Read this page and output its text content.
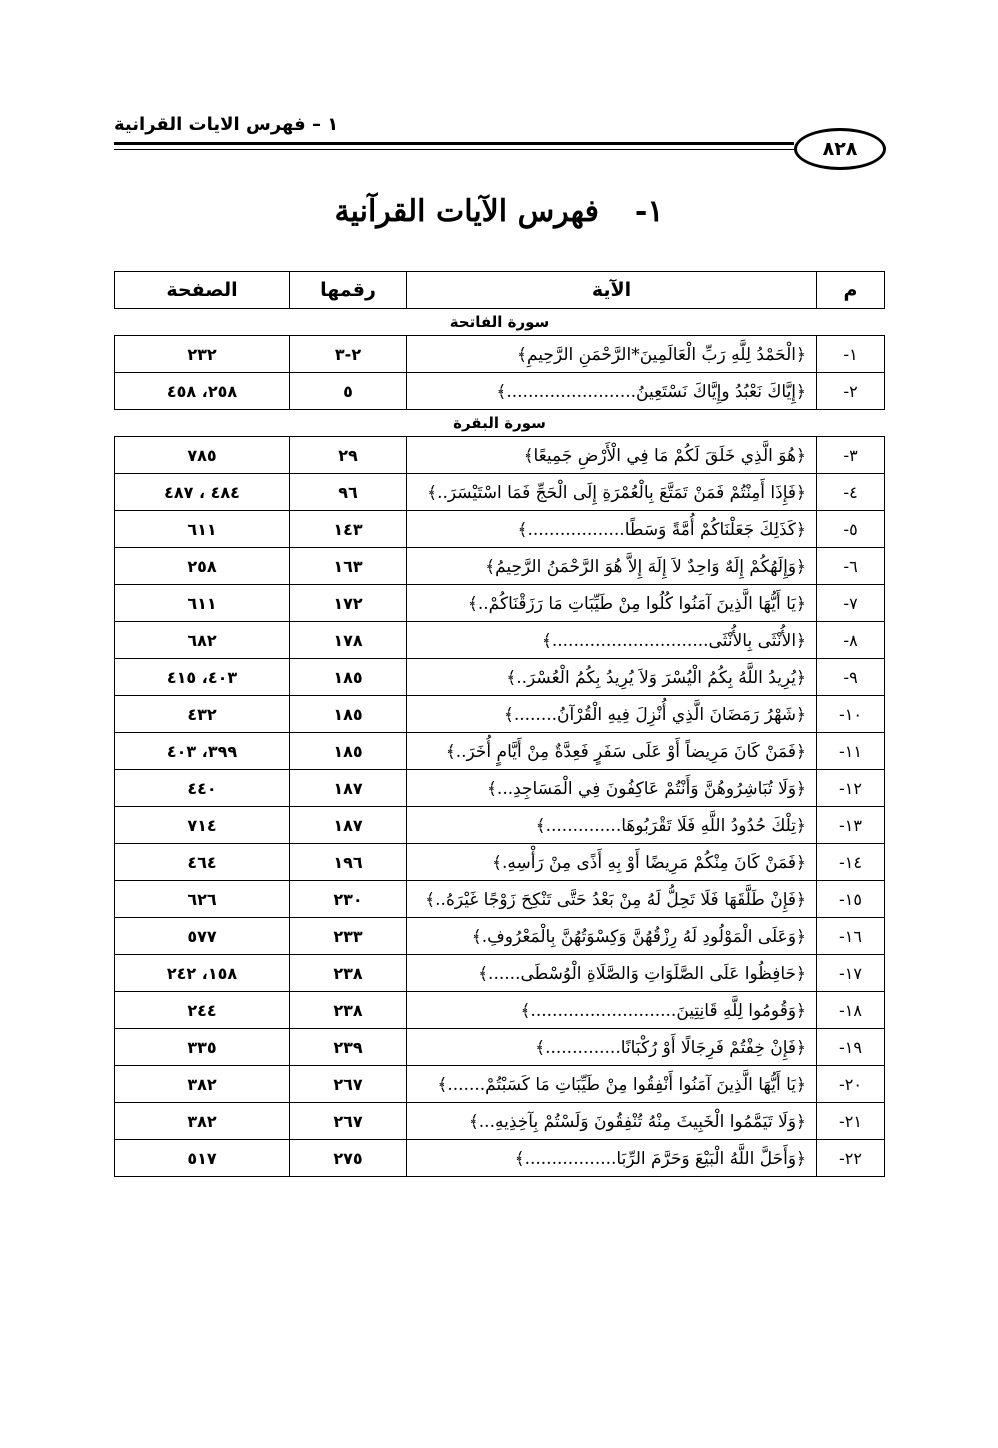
١ – فهرس الايات القرانية
٨٢٨
١-فهرس الآيات القرآنية
م	الآية	رقمها	الصفحة
سورة الفاتحة			
١-	﴿الْحَمْدُ لِلَّهِ رَبِّ الْعَالَمِينَ*الرَّحْمَنِ الرَّحِيمِ﴾	٢-٣	٢٣٢
٢-	﴿إِيَّاكَ نَعْبُدُ وإِيَّاكَ نَسْتَعِينُ........................﴾	٥	٢٥٨، ٤٥٨
سورة البقرة			
٣-	﴿هُوَ الَّذِي خَلَقَ لَكُمْ مَا فِي الْأَرْضِ جَمِيعًا﴾	٢٩	٧٨٥
٤-	﴿فَإِذَا أَمِنْتُمْ فَمَنْ تَمَتَّعَ بِالْعُمْرَةِ إِلَى الْحَجِّ فَمَا اسْتَيْسَرَ..﴾	٩٦	٤٨٤ ، ٤٨٧
٥-	﴿كَذَلِكَ جَعَلْنَاكُمْ أُمَّةً وَسَطًا..................﴾	١٤٣	٦١١
٦-	﴿وَإِلَهُكُمْ إِلَهٌ وَاحِدٌ لاَ إِلَهَ إِلاَّ هُوَ الرَّحْمَنُ الرَّحِيمُ﴾	١٦٣	٢٥٨
٧-	﴿يَا أَيُّهَا الَّذِينَ آمَنُوا كُلُوا مِنْ طَيِّبَاتِ مَا رَزَقْنَاكُمْ..﴾	١٧٢	٦١١
٨-	﴿الأُنْثَى بِالأُنْثَى.............................﴾	١٧٨	٦٨٢
٩-	﴿يُرِيدُ اللَّهُ بِكُمُ الْيُسْرَ وَلاَ يُرِيدُ بِكُمُ الْعُسْرَ..﴾	١٨٥	٤٠٣، ٤١٥
١٠-	﴿شَهْرُ رَمَضَانَ الَّذِي أُنْزِلَ فِيهِ الْقُرْآنُ........﴾	١٨٥	٤٣٢
١١-	﴿فَمَنْ كَانَ مَرِيضاً أَوْ عَلَى سَفَرٍ فَعِدَّةٌ مِنْ أَيَّامٍ أُخَرَ..﴾	١٨٥	٣٩٩، ٤٠٣
١٢-	﴿وَلَا تُبَاشِرُوهُنَّ وَأَنْتُمْ عَاكِفُونَ فِي الْمَسَاجِدِ...﴾	١٨٧	٤٤٠
١٣-	﴿تِلْكَ حُدُودُ اللَّهِ فَلَا تَقْرَبُوهَا..............﴾	١٨٧	٧١٤
١٤-	﴿فَمَنْ كَانَ مِنْكُمْ مَرِيضًا أَوْ بِهِ أَذًى مِنْ رَأْسِهِ.﴾	١٩٦	٤٦٤
١٥-	﴿فَإِنْ طَلَّقَهَا فَلَا تَحِلُّ لَهُ مِنْ بَعْدُ حَتَّى تَنْكِحَ زَوْجًا غَيْرَهُ..﴾	٢٣٠	٦٢٦
١٦-	﴿وَعَلَى الْمَوْلُودِ لَهُ رِزْقُهُنَّ وَكِسْوَتُهُنَّ بِالْمَعْرُوفِ.﴾	٢٣٣	٥٧٧
١٧-	﴿حَافِظُوا عَلَى الصَّلَوَاتِ وَالصَّلَاةِ الْوُسْطَى......﴾	٢٣٨	١٥٨، ٢٤٢
١٨-	﴿وَقُومُوا لِلَّهِ قَانِتِينَ...........................﴾	٢٣٨	٢٤٤
١٩-	﴿فَإِنْ خِفْتُمْ فَرِجَالًا أَوْ رُكْبَانًا..............﴾	٢٣٩	٣٣٥
٢٠-	﴿يَا أَيُّهَا الَّذِينَ آمَنُوا أَنْفِقُوا مِنْ طَيِّبَاتِ مَا كَسَبْتُمْ.......﴾	٢٦٧	٣٨٢
٢١-	﴿وَلَا تَيَمَّمُوا الْخَبِيثَ مِنْهُ تُنْفِقُونَ وَلَسْتُمْ بِآخِذِيهِ...﴾	٢٦٧	٣٨٢
٢٢-	﴿وَأَحَلَّ اللَّهُ الْبَيْعَ وَحَرَّمَ الرِّبَا.................﴾	٢٧٥	٥١٧
